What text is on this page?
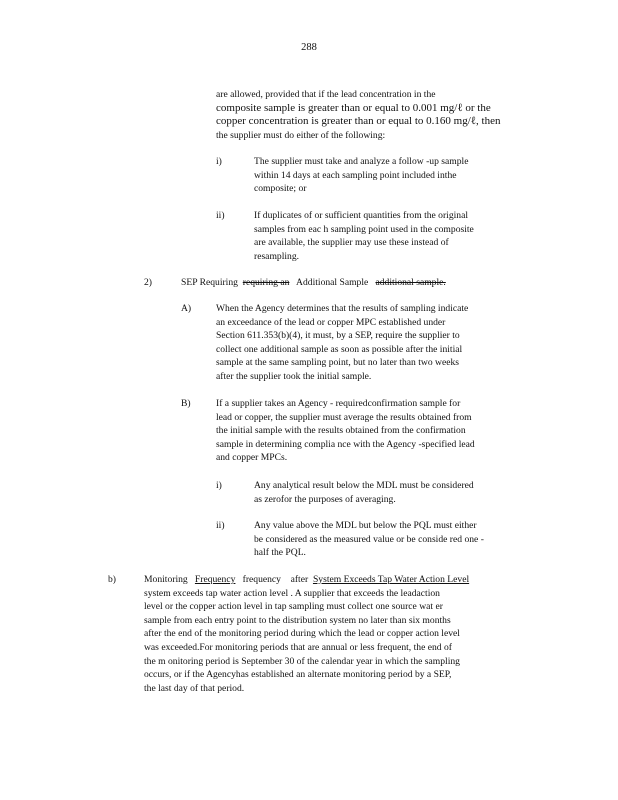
288
are allowed, provided that if the lead concentration in the
composite sample is greater than or equal to 0.001 mg/ℓ or the
copper concentration is greater than or equal to 0.160 mg/ℓ, then
the supplier must do either of the following:
i)	The supplier must take and analyze a follow -up sample
within 14 days at each sampling point included inthe
composite; or
ii)	If duplicates of or sufficient quantities from the original
samples from eac h sampling point used in the composite
are available, the supplier may use these instead of
resampling.
2)	SEP Requiring requiring an Additional Sample additional sample.
A)	When the Agency determines that the results of sampling indicate
an exceedance of the lead or copper MPC established under
Section 611.353(b)(4), it must, by a SEP, require the supplier to
collect one additional sample as soon as possible after the initial
sample at the same sampling point, but no later than two weeks
after the supplier took the initial sample.
B)	If a supplier takes an Agency - requiredconfirmation sample for
lead or copper, the supplier must average the results obtained from
the initial sample with the results obtained from the confirmation
sample in determining complia nce with the Agency -specified lead
and copper MPCs.
i)	Any analytical result below the MDL must be considered
as zerofor the purposes of averaging.
ii)	Any value above the MDL but below the PQL must either
be considered as the measured value or be conside red one -
half the PQL.
b)	Monitoring Frequency frequency after System Exceeds Tap Water Action Level
system exceeds tap water action level . A supplier that exceeds the leadaction
level or the copper action level in tap sampling must collect one source wat er
sample from each entry point to the distribution system no later than six months
after the end of the monitoring period during which the lead or copper action level
was exceeded.For monitoring periods that are annual or less frequent, the end of
the m onitoring period is September 30 of the calendar year in which the sampling
occurs, or if the Agencyhas established an alternate monitoring period by a SEP,
the last day of that period.
